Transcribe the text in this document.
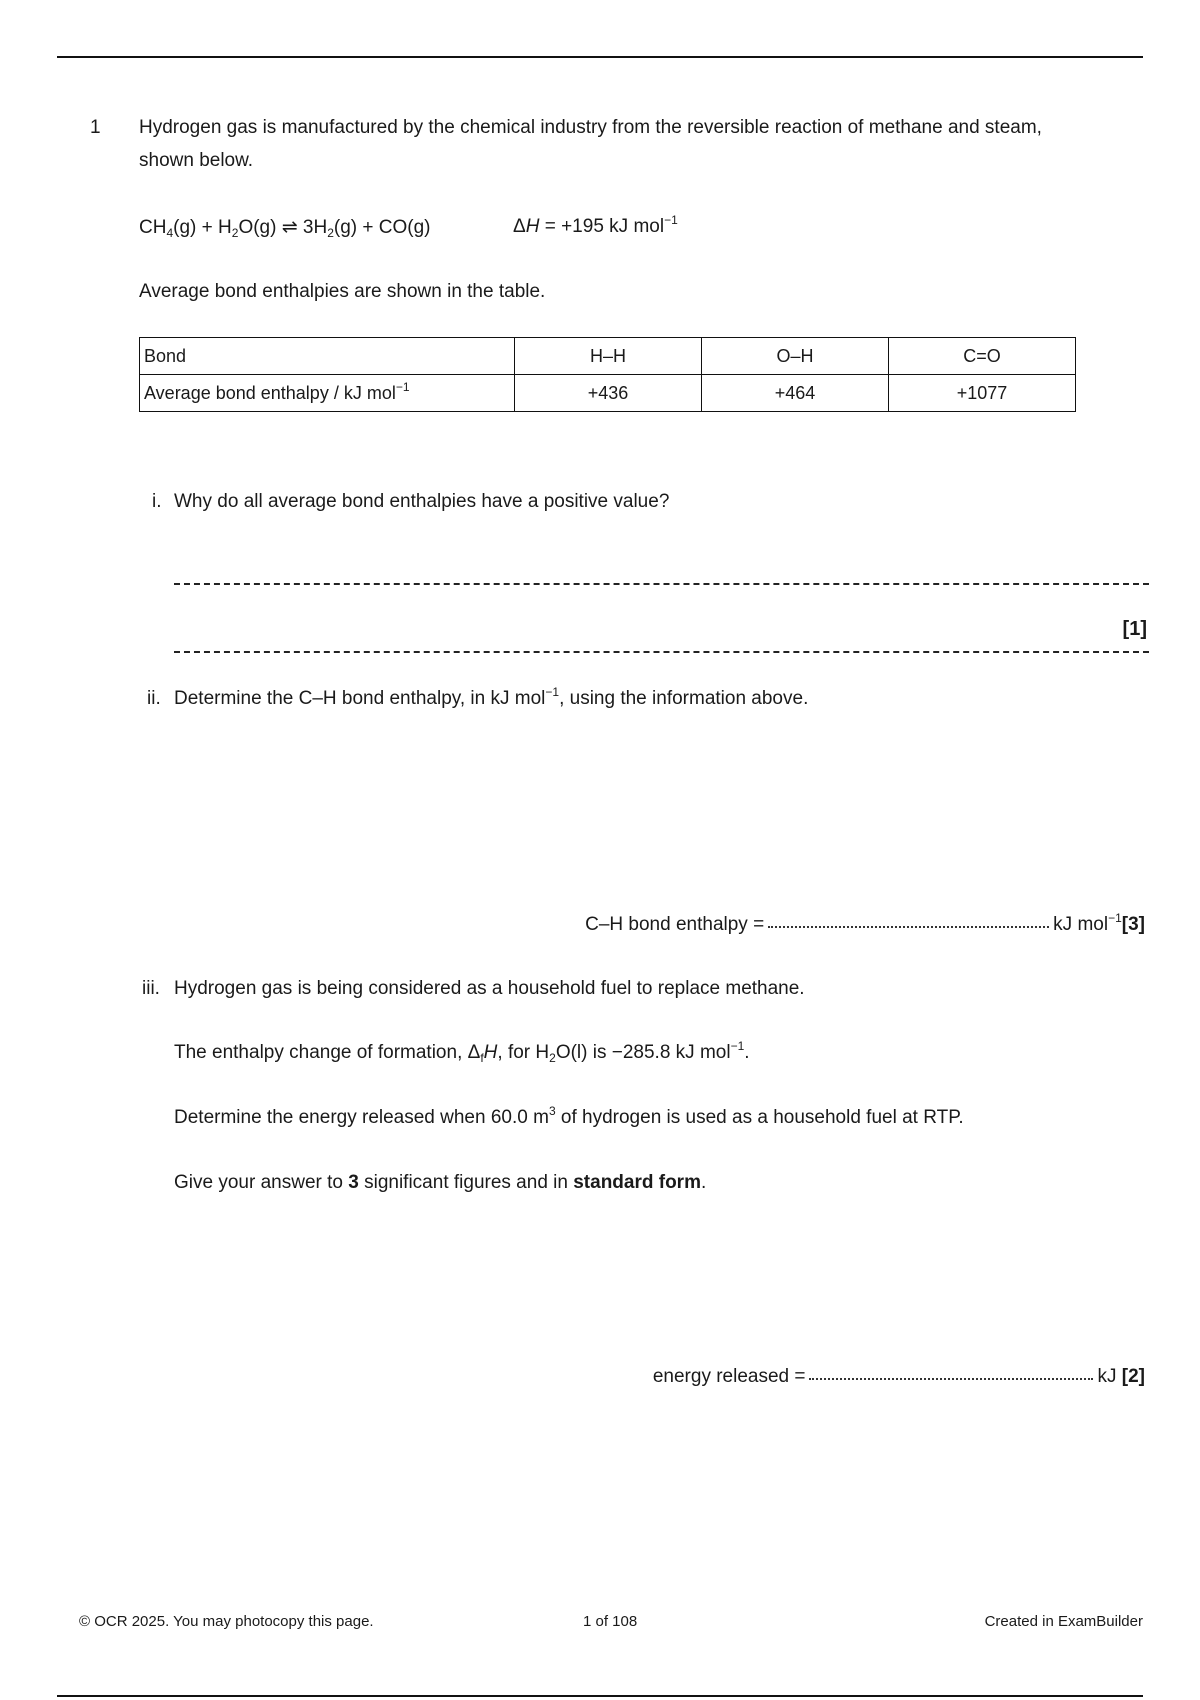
1 Hydrogen gas is manufactured by the chemical industry from the reversible reaction of methane and steam,
shown below.
$CH_4(g) + H_2O(g)$ ⇌ $3H_2(g) + CO(g)$	ΔH = +195 kJ mol$^{-1}$
Average bond enthalpies are shown in the table.
Bond	H–H	O–H	C=O
Average bond enthalpy / kJ mol$^{-1}$	+436	+464	+1077
i. Why do all average bond enthalpies have a positive value?
[1]
ii. Determine the C–H bond enthalpy, in kJ mol$^{-1}$, using the information above.
C–H bond enthalpy =	kJ mol$^{-1}$[3]
iii. Hydrogen gas is being considered as a household fuel to replace methane.
The enthalpy change of formation, $\Delta_fH$, for $H_2O(l)$ is −285.8 kJ mol$^{-1}$.
Determine the energy released when 60.0 $m^3$ of hydrogen is used as a household fuel at RTP.
Give your answer to 3 significant figures and in standard form.
energy released =	kJ [2]
© OCR 2025. You may photocopy this page.	1 of 108	Created in ExamBuilder
